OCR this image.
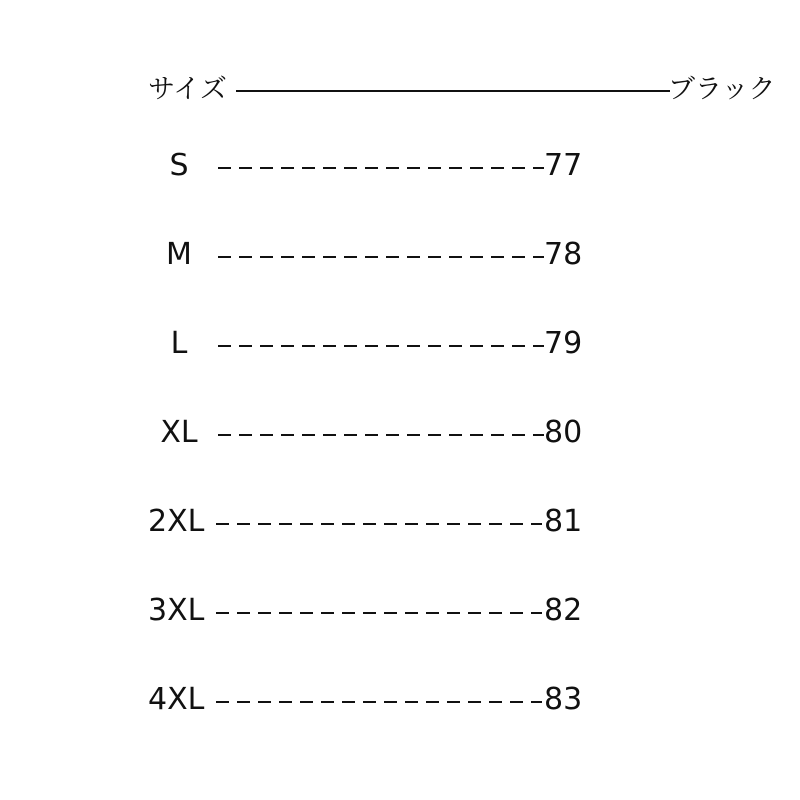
サイズ	ブラック
S	77
M	78
L	79
XL	80
2XL	81
3XL	82
4XL	83
